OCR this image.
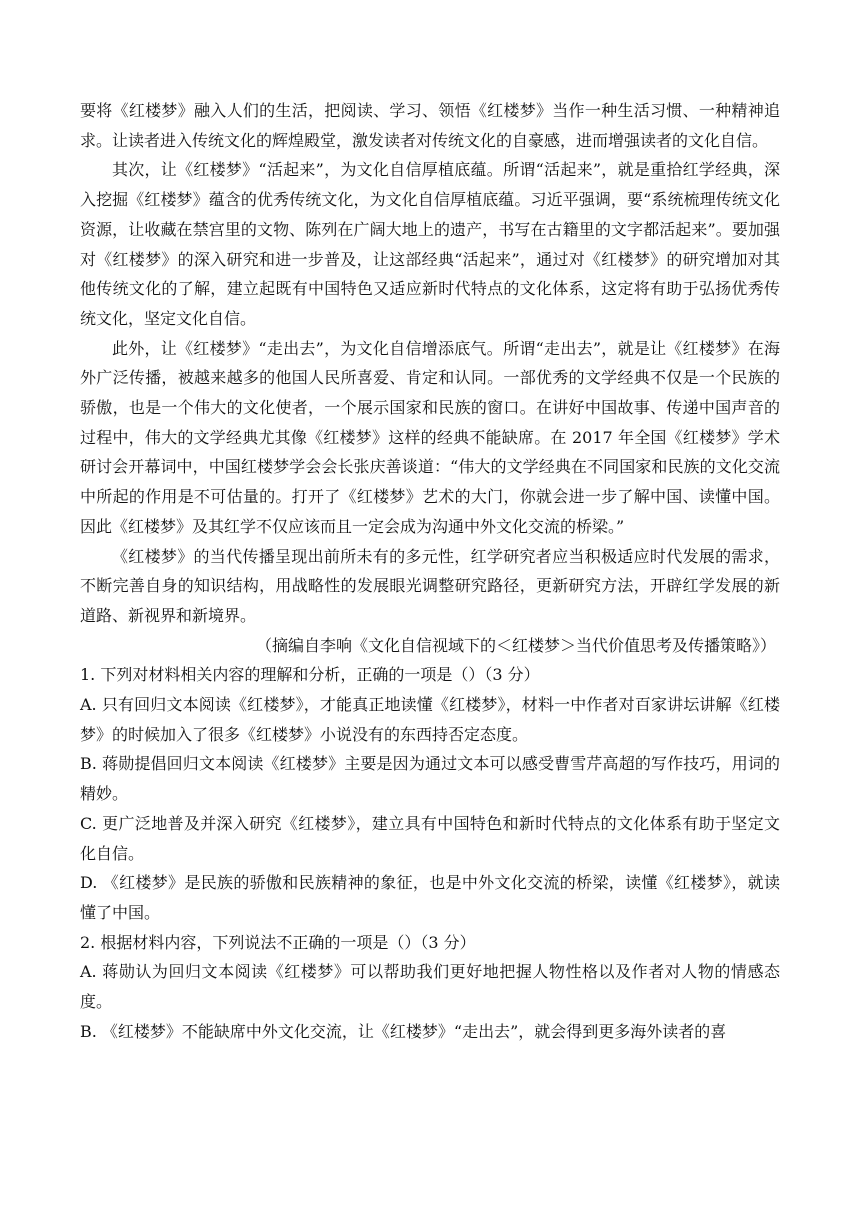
要将《红楼梦》融入人们的生活，把阅读、学习、领悟《红楼梦》当作一种生活习惯、一种精神追求。让读者进入传统文化的辉煌殿堂，激发读者对传统文化的自豪感，进而增强读者的文化自信。

其次，让《红楼梦》“活起来”，为文化自信厚植底蕴。所谓“活起来”，就是重拾红学经典，深入挖掘《红楼梦》蕴含的优秀传统文化，为文化自信厚植底蕴。习近平强调，要“系统梳理传统文化资源，让收藏在禁宫里的文物、陈列在广阔大地上的遗产，书写在古籍里的文字都活起来”。要加强对《红楼梦》的深入研究和进一步普及，让这部经典“活起来”，通过对《红楼梦》的研究增加对其他传统文化的了解，建立起既有中国特色又适应新时代特点的文化体系，这定将有助于弘扬优秀传统文化，坚定文化自信。

此外，让《红楼梦》“走出去”，为文化自信增添底气。所谓“走出去”，就是让《红楼梦》在海外广泛传播，被越来越多的他国人民所喜爱、肯定和认同。一部优秀的文学经典不仅是一个民族的骄傲，也是一个伟大的文化使者，一个展示国家和民族的窗口。在讲好中国故事、传递中国声音的过程中，伟大的文学经典尤其像《红楼梦》这样的经典不能缺席。在 2017 年全国《红楼梦》学术研讨会开幕词中，中国红楼梦学会会长张庆善谈道：“伟大的文学经典在不同国家和民族的文化交流中所起的作用是不可估量的。打开了《红楼梦》艺术的大门，你就会进一步了解中国、读懂中国。因此《红楼梦》及其红学不仅应该而且一定会成为沟通中外文化交流的桥梁。”

《红楼梦》的当代传播呈现出前所未有的多元性，红学研究者应当积极适应时代发展的需求，不断完善自身的知识结构，用战略性的发展眼光调整研究路径，更新研究方法，开辟红学发展的新道路、新视界和新境界。

（摘编自李响《文化自信视域下的＜红楼梦＞当代价值思考及传播策略》）

1. 下列对材料相关内容的理解和分析，正确的一项是（）（3 分）

A. 只有回归文本阅读《红楼梦》，才能真正地读懂《红楼梦》，材料一中作者对百家讲坛讲解《红楼梦》的时候加入了很多《红楼梦》小说没有的东西持否定态度。

B. 蒋勋提倡回归文本阅读《红楼梦》主要是因为通过文本可以感受曹雪芹高超的写作技巧，用词的精妙。

C. 更广泛地普及并深入研究《红楼梦》，建立具有中国特色和新时代特点的文化体系有助于坚定文化自信。

D. 《红楼梦》是民族的骄傲和民族精神的象征，也是中外文化交流的桥梁，读懂《红楼梦》，就读懂了中国。

2. 根据材料内容，下列说法不正确的一项是（）（3 分）

A. 蒋勋认为回归文本阅读《红楼梦》可以帮助我们更好地把握人物性格以及作者对人物的情感态度。

B. 《红楼梦》不能缺席中外文化交流，让《红楼梦》“走出去”，就会得到更多海外读者的喜
